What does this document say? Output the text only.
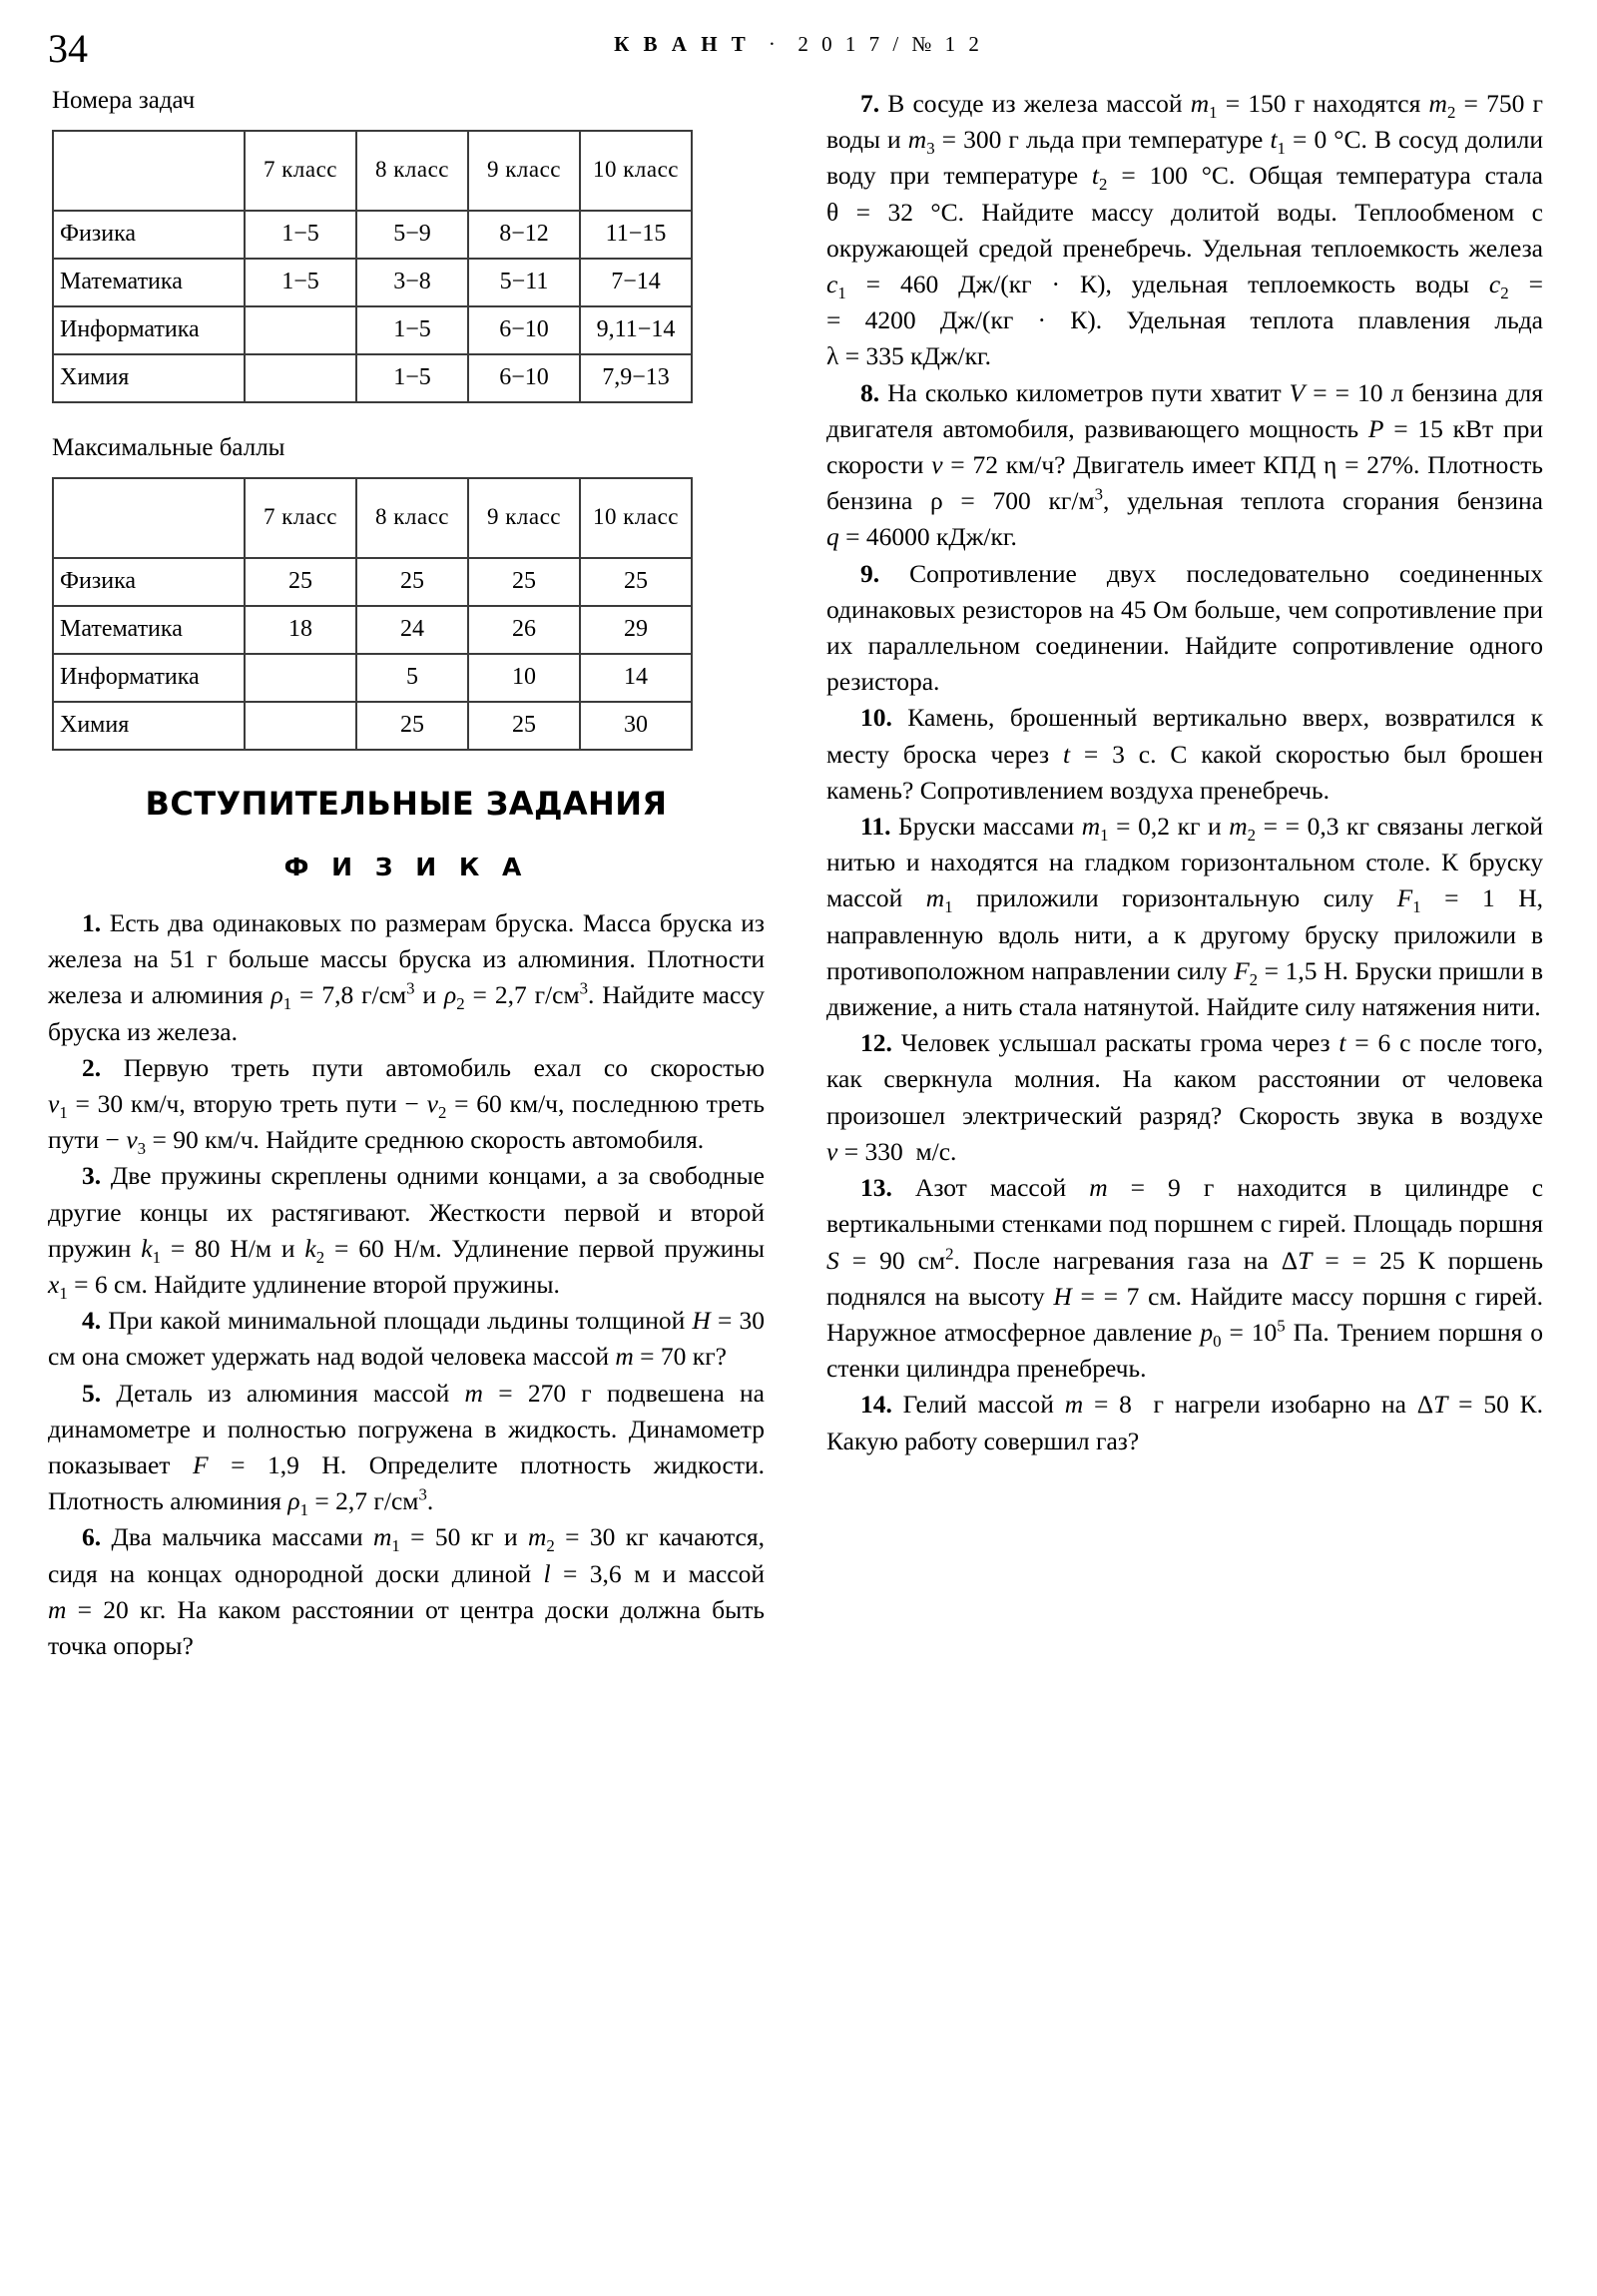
34	К В А Н Т · 2 0 1 7 / № 1 2
Номера задач
	7 класс	8 класс	9 класс	10 класс
Физика	1−5	5−9	8−12	11−15
Математика	1−5	3−8	5−11	7−14
Информатика		1−5	6−10	9,11−14
Химия		1−5	6−10	7,9−13
Максимальные баллы
	7 класс	8 класс	9 класс	10 класс
Физика	25	25	25	25
Математика	18	24	26	29
Информатика		5	10	14
Химия		25	25	30
ВСТУПИТЕЛЬНЫЕ ЗАДАНИЯ
Ф И З И К А

1. Есть два одинаковых по размерам бруска. Масса бруска из железа на 51 г больше массы бруска из алюминия. Плотности железа и алюминия $\rho_1 = 7,8$ $г/см^3$ и $\rho_2 = 2,7$ $г/см^3$. Найдите массу бруска из железа.

2. Первую треть пути автомобиль ехал со скоростью $v_1 = 30$ км/ч, вторую треть пути − $v_2 = 60$ км/ч, последнюю треть пути − $v_3 = 90$ км/ч. Найдите среднюю скорость автомобиля.

3. Две пружины скреплены одними концами, а за свободные другие концы их растягивают. Жесткости первой и второй пружин $k_1 = 80$ Н/м и $k_2 = 60$ Н/м. Удлинение первой пружины $x_1 = 6$ см. Найдите удлинение второй пружины.

4. При какой минимальной площади льдины толщиной H = 30 см она сможет удержать над водой человека массой m = 70 кг?

5. Деталь из алюминия массой m = 270 г подвешена на динамометре и полностью погружена в жидкость. Динамометр показывает F = 1,9 Н. Определите плотность жидкости. Плотность алюминия $\rho_1 = 2,7$ $г/см^3$.

6. Два мальчика массами $m_1 = 50$ кг и $m_2 = 30$ кг качаются, сидя на концах однородной доски длиной l = 3,6 м и массой m = 20 кг. На каком расстоянии от центра доски должна быть точка опоры?

7. В сосуде из железа массой $m_1 = 150$ г находятся $m_2 = 750$ г воды и $m_3 = 300$ г льда при температуре $t_1 = 0$ °C. В сосуд долили воду при температуре $t_2 = 100$ °C. Общая температура стала θ = 32 °C. Найдите массу долитой воды. Теплообменом с окружающей средой пренебречь. Удельная теплоемкость железа $c_1 = 460$ Дж/(кг · К), удельная теплоемкость воды $c_2$ = = 4200 Дж/(кг · К). Удельная теплота плавления льда λ = 335 кДж/кг.

8. На сколько километров пути хватит V = = 10 л бензина для двигателя автомобиля, развивающего мощность P = 15 кВт при скорости v = 72 км/ч? Двигатель имеет КПД η = 27%. Плотность бензина ρ = 700 $кг/м^3$, удельная теплота сгорания бензина q = 46000 кДж/кг.

9. Сопротивление двух последовательно соединенных одинаковых резисторов на 45 Ом больше, чем сопротивление при их параллельном соединении. Найдите сопротивление одного резистора.

10. Камень, брошенный вертикально вверх, возвратился к месту броска через t = 3 с. С какой скоростью был брошен камень? Сопротивлением воздуха пренебречь.

11. Бруски массами $m_1 = 0,2$ кг и $m_2$ = = 0,3 кг связаны легкой нитью и находятся на гладком горизонтальном столе. К бруску массой $m_1$ приложили горизонтальную силу $F_1 = 1$ Н, направленную вдоль нити, а к другому бруску приложили в противоположном направлении силу $F_2 = 1,5$ Н. Бруски пришли в движение, а нить стала натянутой. Найдите силу натяжения нити.

12. Человек услышал раскаты грома через t = 6 с после того, как сверкнула молния. На каком расстоянии от человека произошел электрический разряд? Скорость звука в воздухе v = 330  м/с.

13. Азот массой m = 9 г находится в цилиндре с вертикальными стенками под поршнем с гирей. Площадь поршня S = 90 $см^2$. После нагревания газа на ΔT = = 25 К поршень поднялся на высоту H = = 7 см. Найдите массу поршня с гирей. Наружное атмосферное давление $p_0 = 10^5$ Па. Трением поршня о стенки цилиндра пренебречь.

14. Гелий массой m = 8  г нагрели изобарно на ΔT = 50 К. Какую работу совершил газ?
